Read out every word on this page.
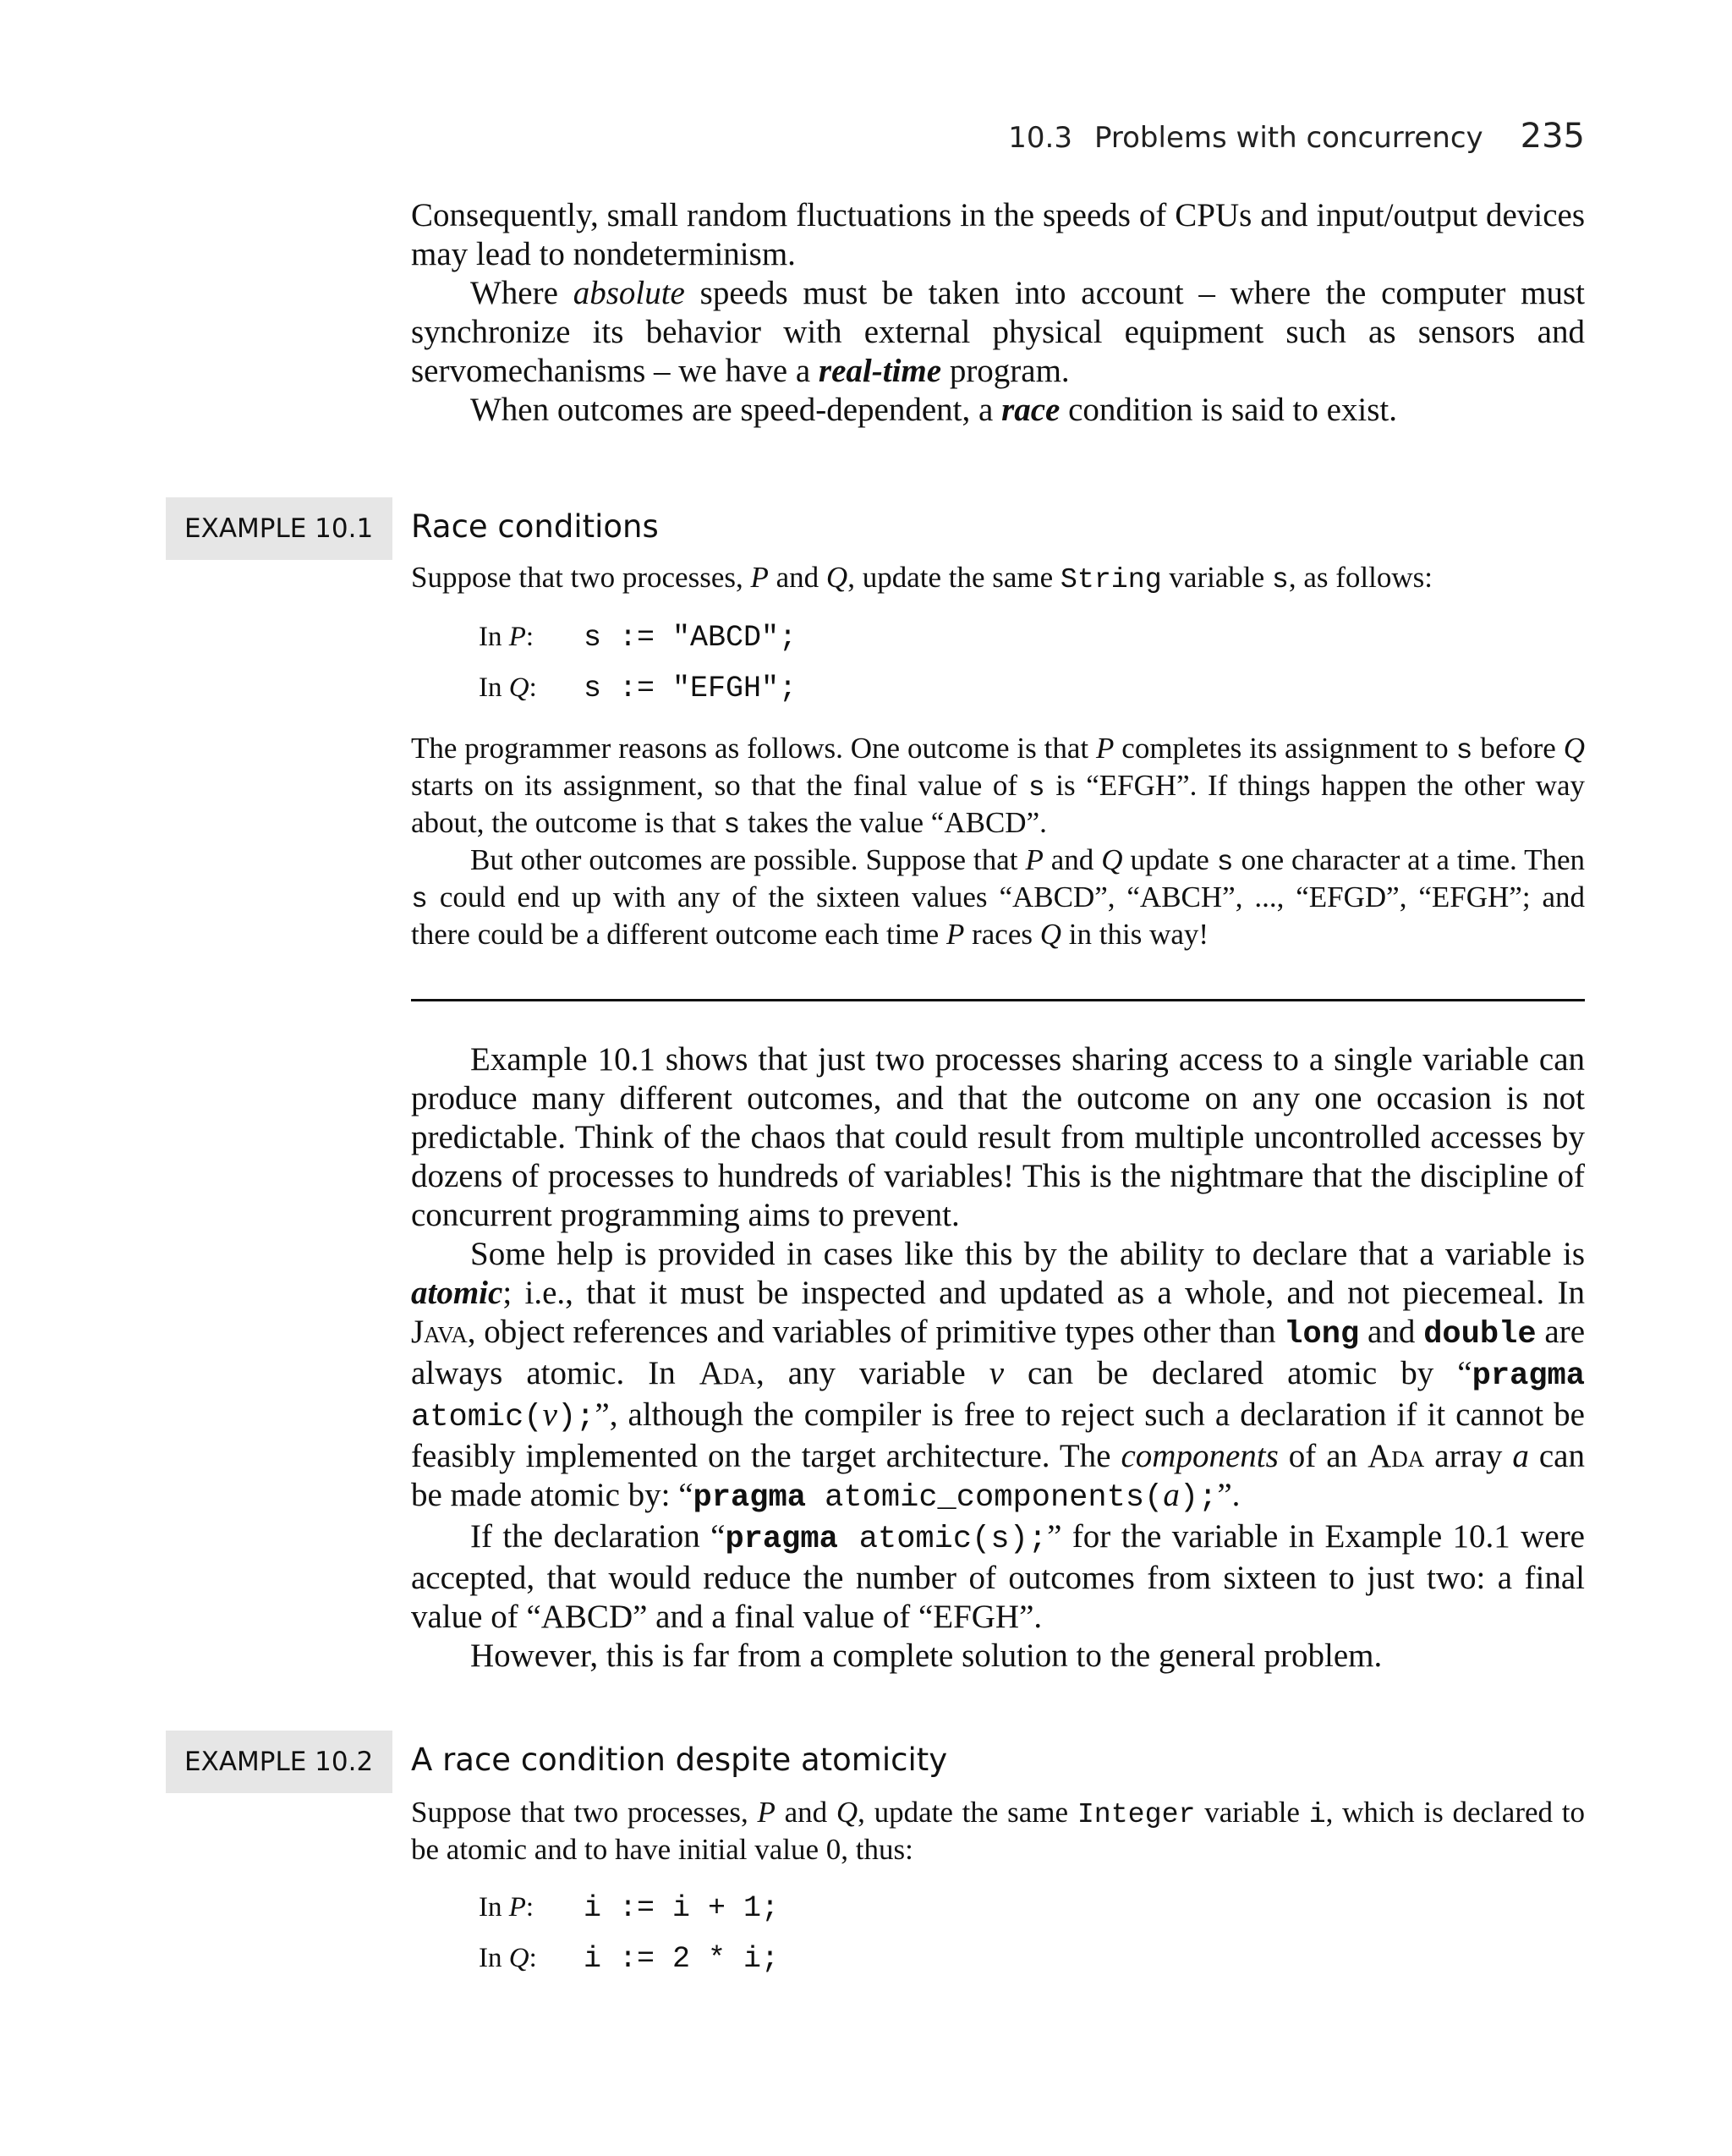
10.3 Problems with concurrency 235

Consequently, small random fluctuations in the speeds of CPUs and input/output devices may lead to nondeterminism.

Where absolute speeds must be taken into account – where the computer must synchronize its behavior with external physical equipment such as sensors and servomechanisms – we have a real-time program.

When outcomes are speed-dependent, a race condition is said to exist.

EXAMPLE 10.1	Race conditions

Suppose that two processes, P and Q, update the same String variable s, as follows:

In P:	s := "ABCD";
In Q:	s := "EFGH";

The programmer reasons as follows. One outcome is that P completes its assignment to s before Q starts on its assignment, so that the final value of s is “EFGH”. If things happen the other way about, the outcome is that s takes the value “ABCD”.

But other outcomes are possible. Suppose that P and Q update s one character at a time. Then s could end up with any of the sixteen values “ABCD”, “ABCH”, ..., “EFGD”, “EFGH”; and there could be a different outcome each time P races Q in this way!

Example 10.1 shows that just two processes sharing access to a single variable can produce many different outcomes, and that the outcome on any one occasion is not predictable. Think of the chaos that could result from multiple uncontrolled accesses by dozens of processes to hundreds of variables! This is the nightmare that the discipline of concurrent programming aims to prevent.

Some help is provided in cases like this by the ability to declare that a variable is atomic; i.e., that it must be inspected and updated as a whole, and not piecemeal. In Java, object references and variables of primitive types other than long and double are always atomic. In Ada, any variable v can be declared atomic by “pragma atomic(v);”, although the compiler is free to reject such a declaration if it cannot be feasibly implemented on the target architecture. The components of an Ada array a can be made atomic by: “pragma atomic_components(a);”.

If the declaration “pragma atomic(s);” for the variable in Example 10.1 were accepted, that would reduce the number of outcomes from sixteen to just two: a final value of “ABCD” and a final value of “EFGH”.

However, this is far from a complete solution to the general problem.

EXAMPLE 10.2	A race condition despite atomicity

Suppose that two processes, P and Q, update the same Integer variable i, which is declared to be atomic and to have initial value 0, thus:

In P:	i := i + 1;
In Q:	i := 2 * i;
